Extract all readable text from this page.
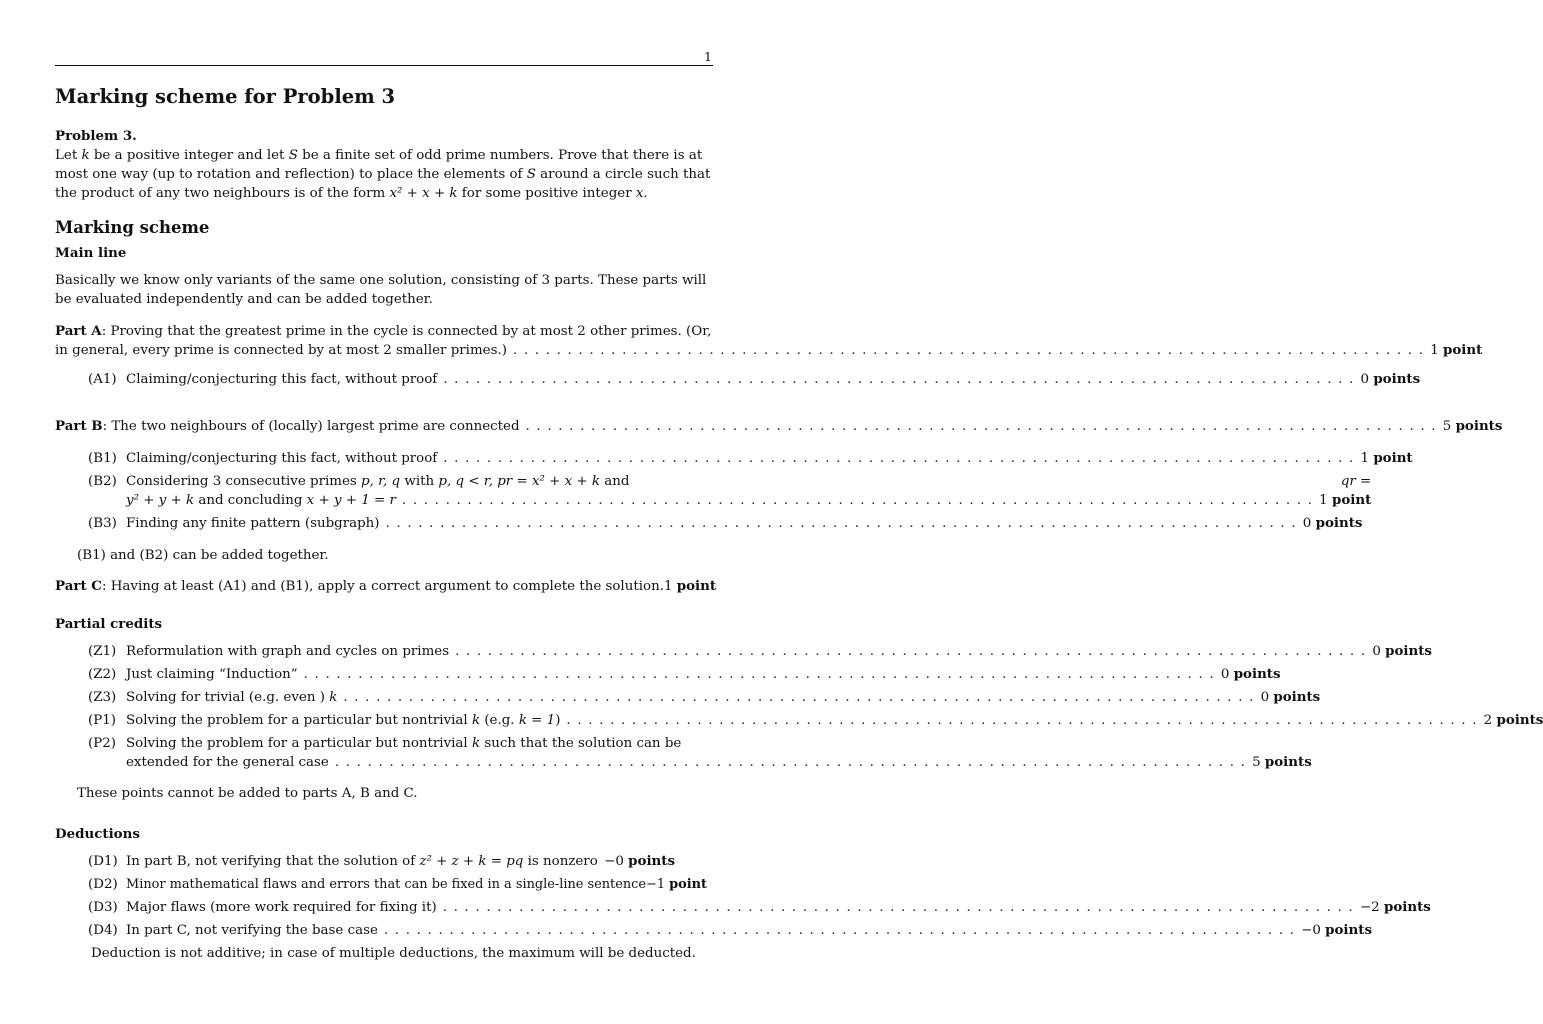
1
Marking scheme for Problem 3
Problem 3.

Let k be a positive integer and let S be a finite set of odd prime numbers. Prove that there is at most one way (up to rotation and reflection) to place the elements of S around a circle such that the product of any two neighbours is of the form x² + x + k for some positive integer x.

Marking scheme
Main line

Basically we know only variants of the same one solution, consisting of 3 parts. These parts will be evaluated independently and can be added together.

Part A: Proving that the greatest prime in the cycle is connected by at most 2 other primes. (Or,

in general, every prime is connected by at most 2 smaller primes.) . . .	1 point
(A1) Claiming/conjecturing this fact, without proof . . .	0 points
Part B: The two neighbours of (locally) largest prime are connected . . .	5 points
(B1) Claiming/conjecturing this fact, without proof . . .	1 point
(B2) Considering 3 consecutive primes p, r, q with p, q < r, pr = x² + x + k and	qr =
y² + y + k and concluding x + y + 1 = r . . .	1 point
(B3) Finding any finite pattern (subgraph) . . .	0 points

(B1) and (B2) can be added together.

Part C: Having at least (A1) and (B1), apply a correct argument to complete the solution. 1 point
Partial credits
(Z1) Reformulation with graph and cycles on primes . . .	0 points
(Z2) Just claiming “Induction” . . .	0 points
(Z3) Solving for trivial (e.g. even ) k . . .	0 points
(P1) Solving the problem for a particular but nontrivial k (e.g. k = 1) . . .	2 points
(P2) Solving the problem for a particular but nontrivial k such that the solution can be
extended for the general case . . .	5 points

These points cannot be added to parts A, B and C.

Deductions
(D1) In part B, not verifying that the solution of z² + z + k = pq is nonzero −0 points
(D2) Minor mathematical flaws and errors that can be fixed in a single-line sentence −1 point
(D3) Major flaws (more work required for fixing it) . . .	−2 points
(D4) In part C, not verifying the base case . . .	−0 points

Deduction is not additive; in case of multiple deductions, the maximum will be deducted.
